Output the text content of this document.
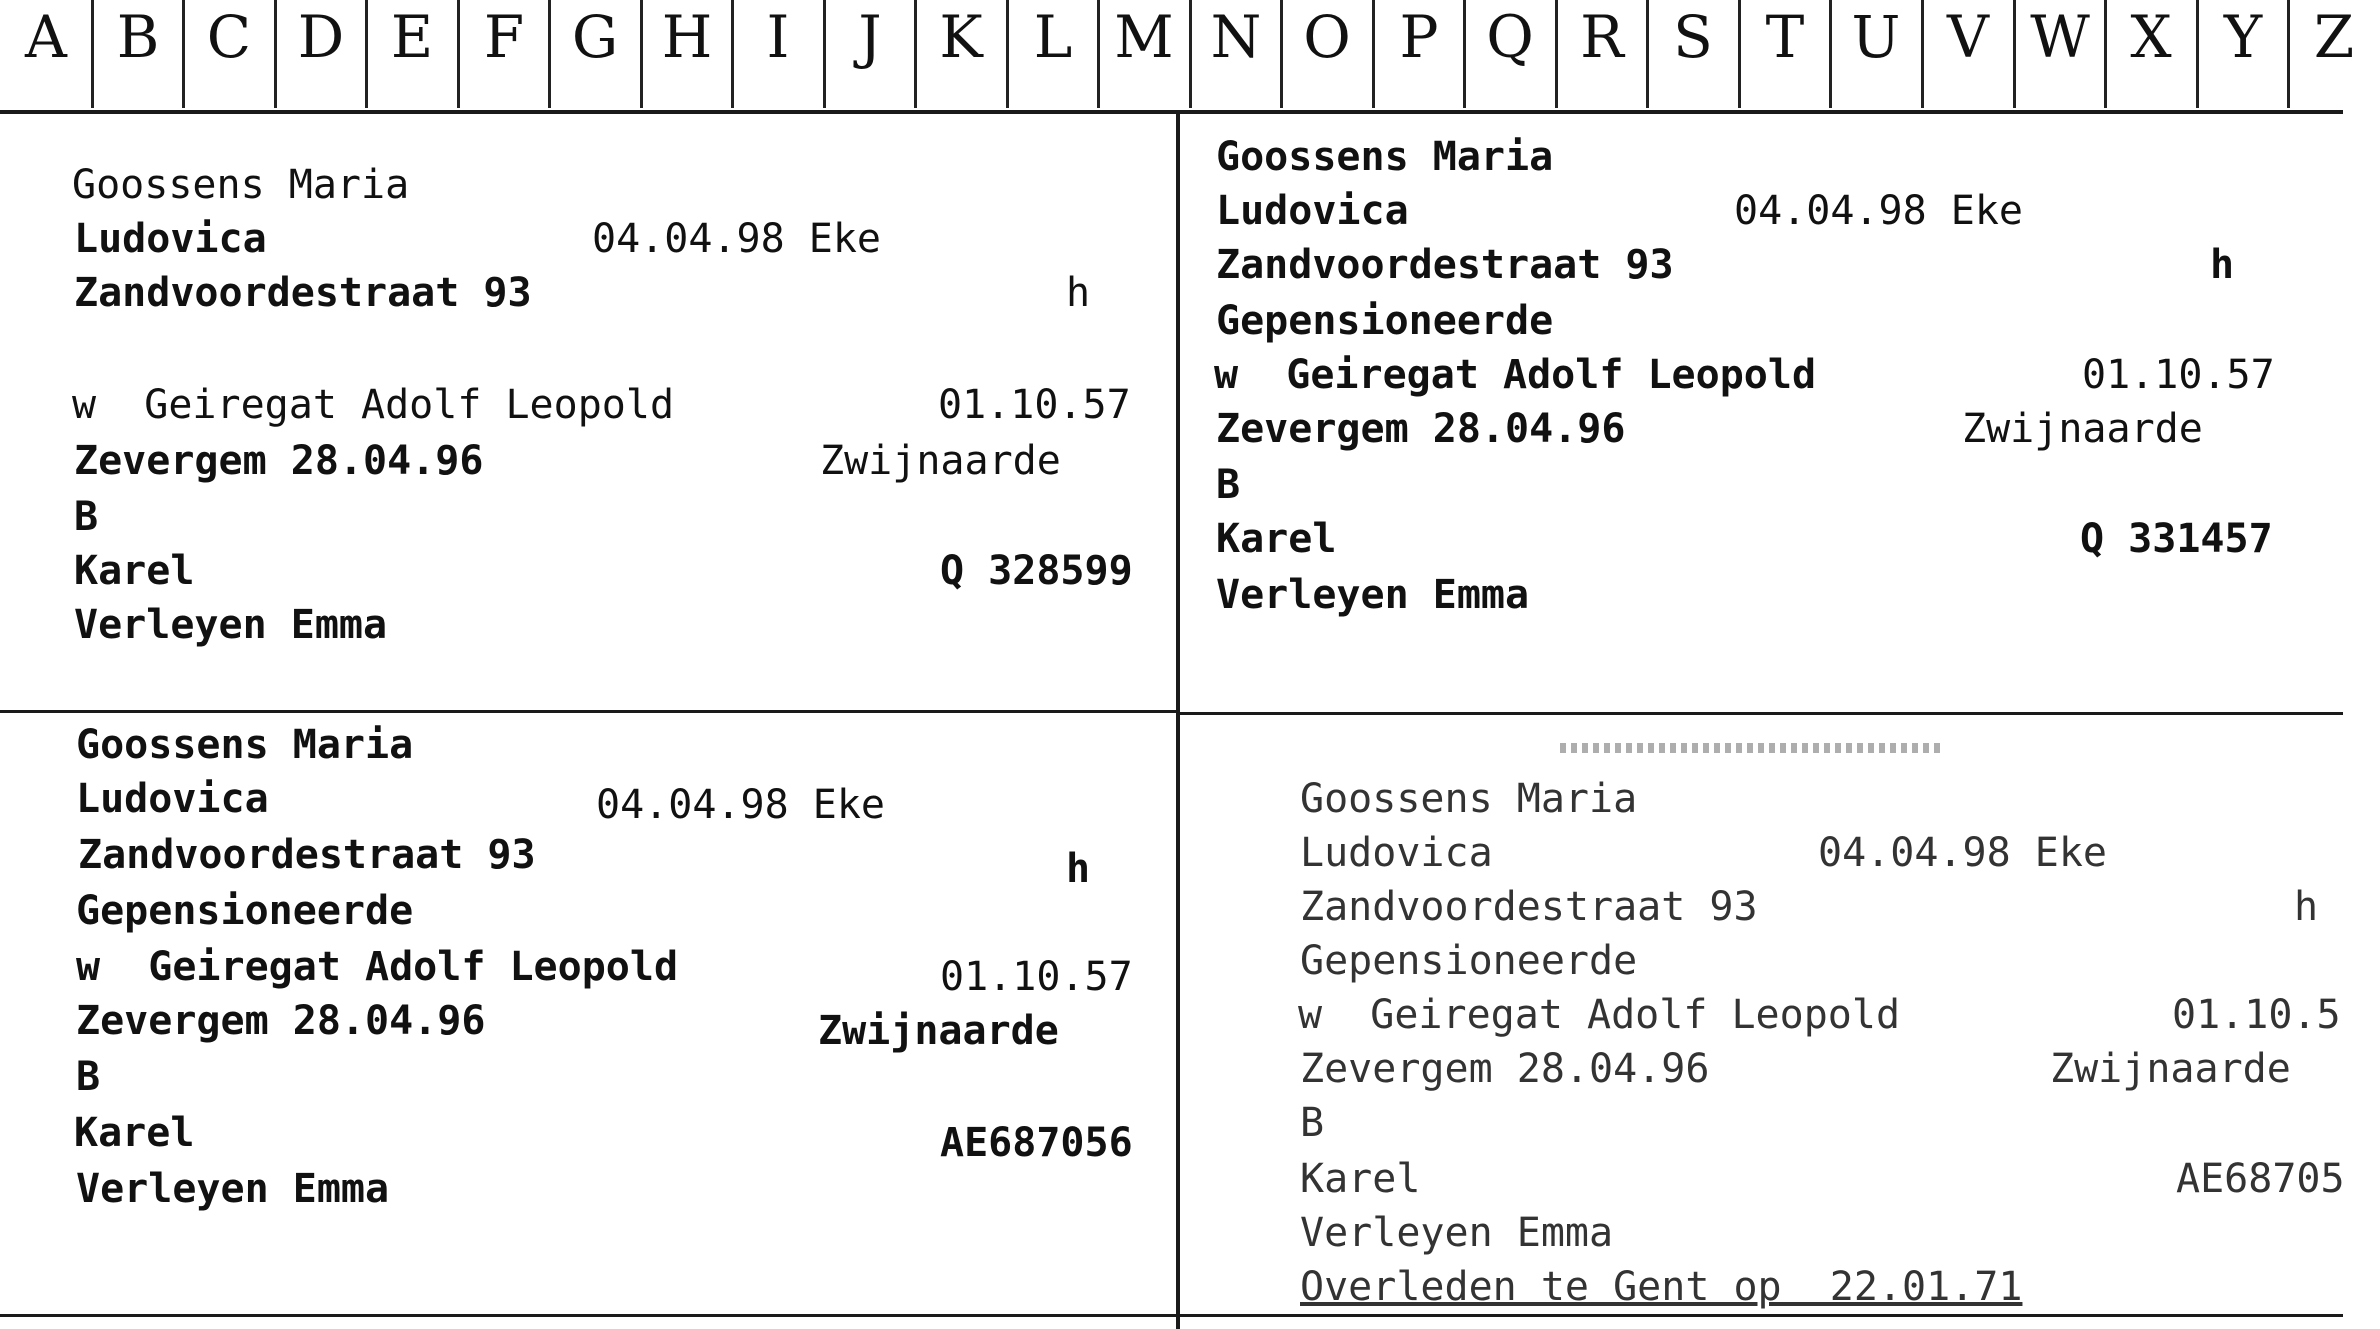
A B C D E F G H I	J K L M N O P Q R S T U V W X Y Z
Goossens Maria
Ludovica	04.04.98 Eke
Zandvoordestraat 93	h
w  Geiregat Adolf Leopold	01.10.57
Zevergem 28.04.96	Zwijnaarde
B
Karel	Q 328599
Verleyen Emma
Goossens Maria
Ludovica	04.04.98 Eke
Zandvoordestraat 93	h
Gepensioneerde
w  Geiregat Adolf Leopold	01.10.57
Zevergem 28.04.96	Zwijnaarde
B
Karel	Q 331457
Verleyen Emma
Goossens Maria
Ludovica	04.04.98 Eke
Zandvoordestraat 93	h
Gepensioneerde
w  Geiregat Adolf Leopold	01.10.57
Zevergem 28.04.96	Zwijnaarde
B
Karel	AE687056
Verleyen Emma
Goossens Maria
Ludovica	04.04.98 Eke
Zandvoordestraat 93	h
Gepensioneerde
w  Geiregat Adolf Leopold	01.10.5
Zevergem 28.04.96	Zwijnaarde
B
Karel	AE68705
Verleyen Emma
Overleden te Gent op  22.01.71
